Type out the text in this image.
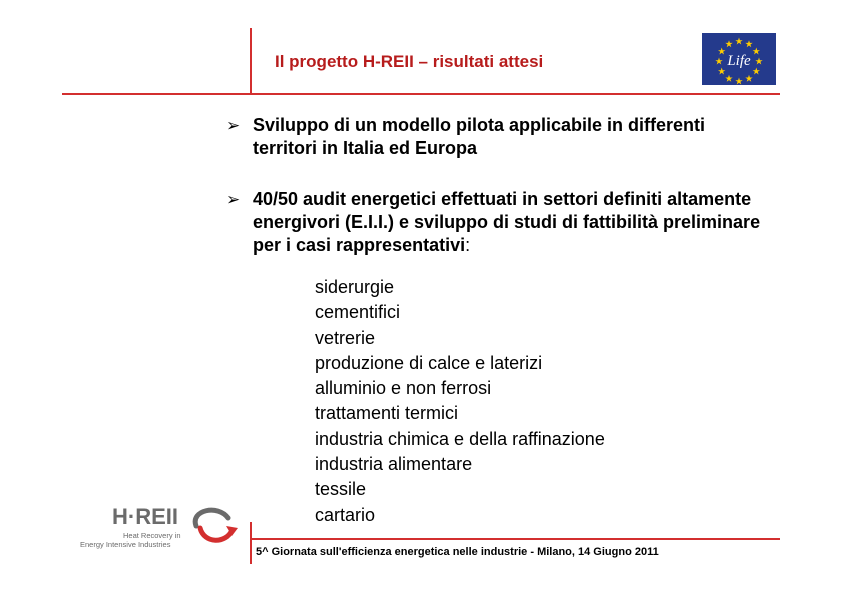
Il progetto H-REII – risultati attesi	Life
➢ Sviluppo di un modello pilota applicabile in differenti territori in Italia ed Europa
➢ 40/50 audit energetici effettuati in settori definiti altamente energivori (E.I.I.) e sviluppo di studi di fattibilità preliminare per i casi rappresentativi:
siderurgie
cementifici
vetrerie
produzione di calce e laterizi
alluminio e non ferrosi
trattamenti termici
industria chimica e della raffinazione
industria alimentare
tessile
cartario
H·REII
Heat Recovery in
Energy Intensive Industries
5^ Giornata sull'efficienza energetica nelle industrie - Milano, 14 Giugno 2011
